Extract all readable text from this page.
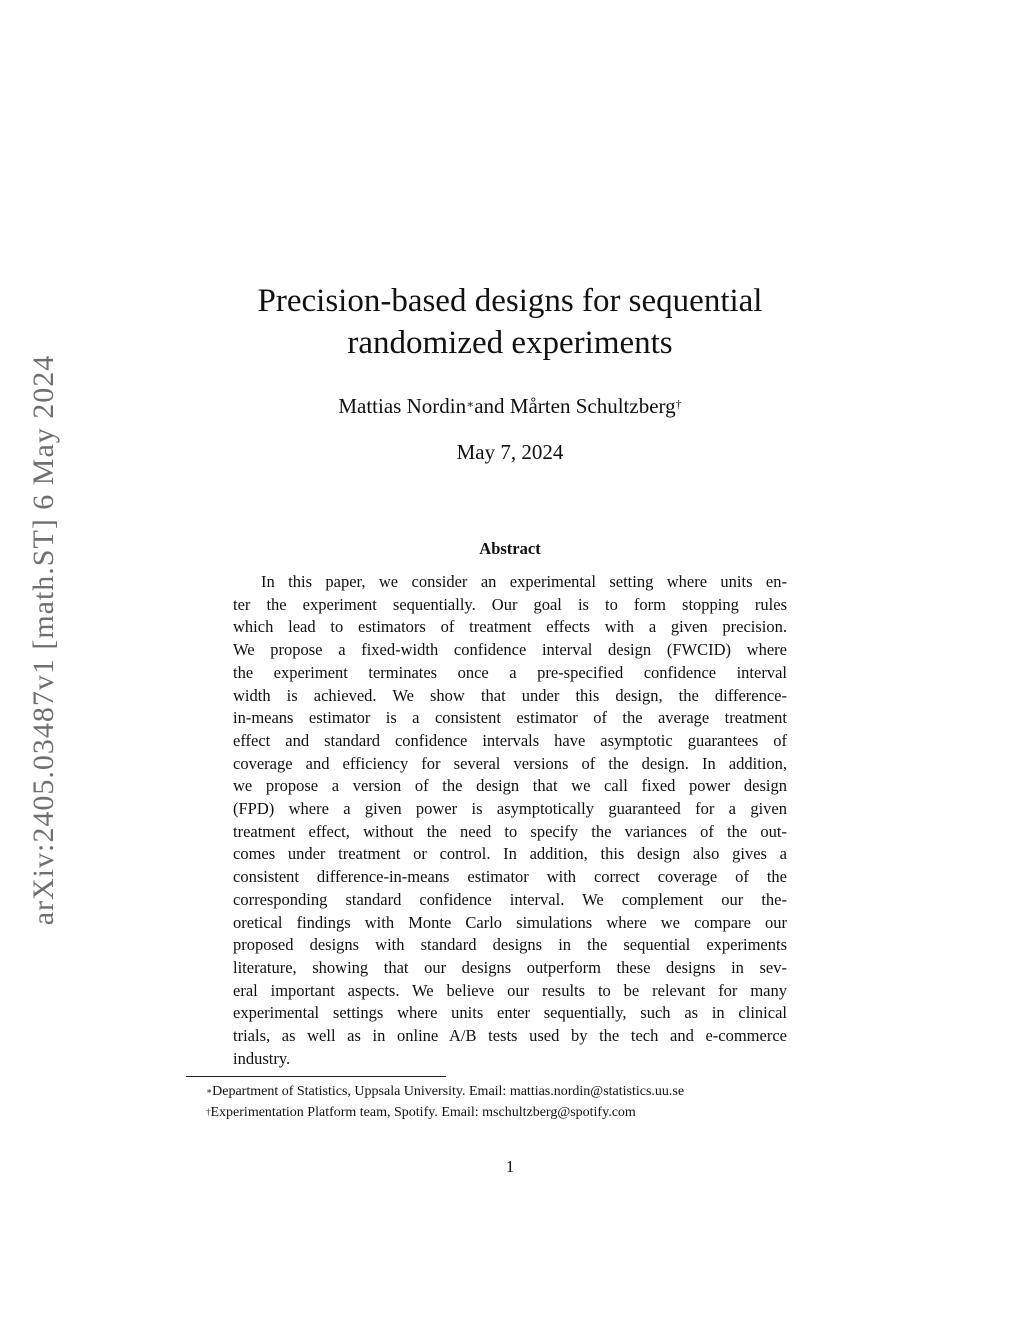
arXiv:2405.03487v1 [math.ST] 6 May 2024
Precision-based designs for sequential
randomized experiments
Mattias Nordin∗and Mårten Schultzberg†
May 7, 2024
Abstract
In this paper, we consider an experimental setting where units en-
ter the experiment sequentially. Our goal is to form stopping rules
which lead to estimators of treatment effects with a given precision.
We propose a fixed-width confidence interval design (FWCID) where
the experiment terminates once a pre-specified confidence interval
width is achieved. We show that under this design, the difference-
in-means estimator is a consistent estimator of the average treatment
effect and standard confidence intervals have asymptotic guarantees of
coverage and efficiency for several versions of the design. In addition,
we propose a version of the design that we call fixed power design
(FPD) where a given power is asymptotically guaranteed for a given
treatment effect, without the need to specify the variances of the out-
comes under treatment or control. In addition, this design also gives a
consistent difference-in-means estimator with correct coverage of the
corresponding standard confidence interval. We complement our the-
oretical findings with Monte Carlo simulations where we compare our
proposed designs with standard designs in the sequential experiments
literature, showing that our designs outperform these designs in sev-
eral important aspects. We believe our results to be relevant for many
experimental settings where units enter sequentially, such as in clinical
trials, as well as in online A/B tests used by the tech and e-commerce
industry.
∗Department of Statistics, Uppsala University. Email: mattias.nordin@statistics.uu.se
†Experimentation Platform team, Spotify. Email: mschultzberg@spotify.com
1
